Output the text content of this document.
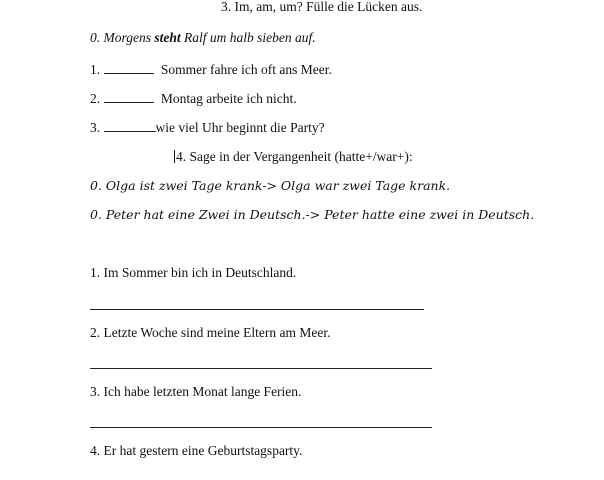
3. Im, am, um? Fülle die Lücken aus.
0. Morgens steht Ralf um halb sieben auf.
1.	Sommer fahre ich oft ans Meer.
2.	Montag arbeite ich nicht.
3.	wie viel Uhr beginnt die Party?
4. Sage in der Vergangenheit (hatte+/war+):
0. Olga ist zwei Tage krank-> Olga war zwei Tage krank.
0. Peter hat eine Zwei in Deutsch.-> Peter hatte eine zwei in Deutsch.
1. Im Sommer bin ich in Deutschland.
2. Letzte Woche sind meine Eltern am Meer.
3. Ich habe letzten Monat lange Ferien.
4. Er hat gestern eine Geburtstagsparty.
